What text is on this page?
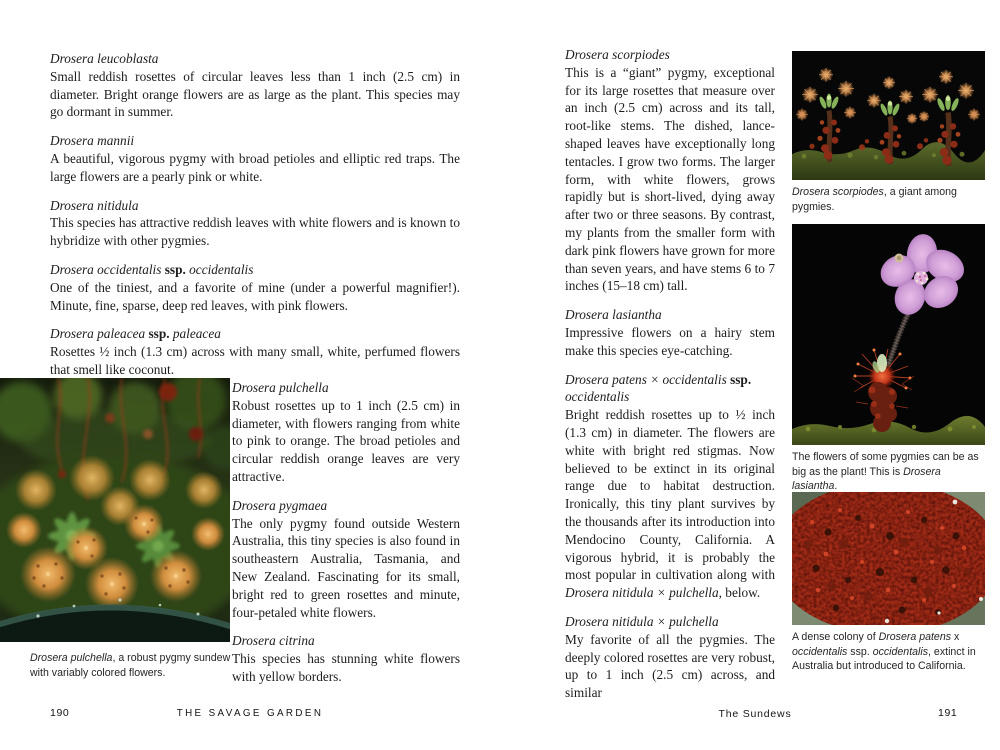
Drosera leucoblasta
Small reddish rosettes of circular leaves less than 1 inch (2.5 cm) in diameter. Bright orange flowers are as large as the plant. This species may go dormant in summer.
Drosera mannii
A beautiful, vigorous pygmy with broad petioles and elliptic red traps. The large flowers are a pearly pink or white.
Drosera nitidula
This species has attractive reddish leaves with white flowers and is known to hybridize with other pygmies.
Drosera occidentalis ssp. occidentalis
One of the tiniest, and a favorite of mine (under a powerful magnifier!). Minute, fine, sparse, deep red leaves, with pink flowers.
Drosera paleacea ssp. paleacea
Rosettes ½ inch (1.3 cm) across with many small, white, perfumed flowers that smell like coconut.
Drosera pulchella, a robust pygmy sundew with variably colored flowers.
Drosera pulchella
Robust rosettes up to 1 inch (2.5 cm) in diameter, with flowers ranging from white to pink to orange. The broad petioles and circular reddish orange leaves are very attractive.
Drosera pygmaea
The only pygmy found outside Western Australia, this tiny species is also found in southeastern Australia, Tasmania, and New Zealand. Fascinating for its small, bright red to green rosettes and minute, four-petaled white flowers.
Drosera citrina
This species has stunning white flowers with yellow borders.
190	THE SAVAGE GARDEN
Drosera scorpiodes
This is a “giant” pygmy, exceptional for its large rosettes that measure over an inch (2.5 cm) across and its tall, root-like stems. The dished, lance-shaped leaves have exceptionally long tentacles. I grow two forms. The larger form, with white flowers, grows rapidly but is short-lived, dying away after two or three seasons. By contrast, my plants from the smaller form with dark pink flowers have grown for more than seven years, and have stems 6 to 7 inches (15–18 cm) tall.
Drosera lasiantha
Impressive flowers on a hairy stem make this species eye-catching.
Drosera patens × occidentalis ssp. occidentalis
Bright reddish rosettes up to ½ inch (1.3 cm) in diameter. The flowers are white with bright red stigmas. Now believed to be extinct in its original range due to habitat destruction. Ironically, this tiny plant survives by the thousands after its introduction into Mendocino County, California. A vigorous hybrid, it is probably the most popular in cultivation along with Drosera nitidula × pulchella, below.
Drosera nitidula × pulchella
My favorite of all the pygmies. The deeply colored rosettes are very robust, up to 1 inch (2.5 cm) across, and similar
Drosera scorpiodes, a giant among pygmies.
The flowers of some pygmies can be as big as the plant! This is Drosera lasiantha.
A dense colony of Drosera patens x occidentalis ssp. occidentalis, extinct in Australia but introduced to California.
The Sundews	191
